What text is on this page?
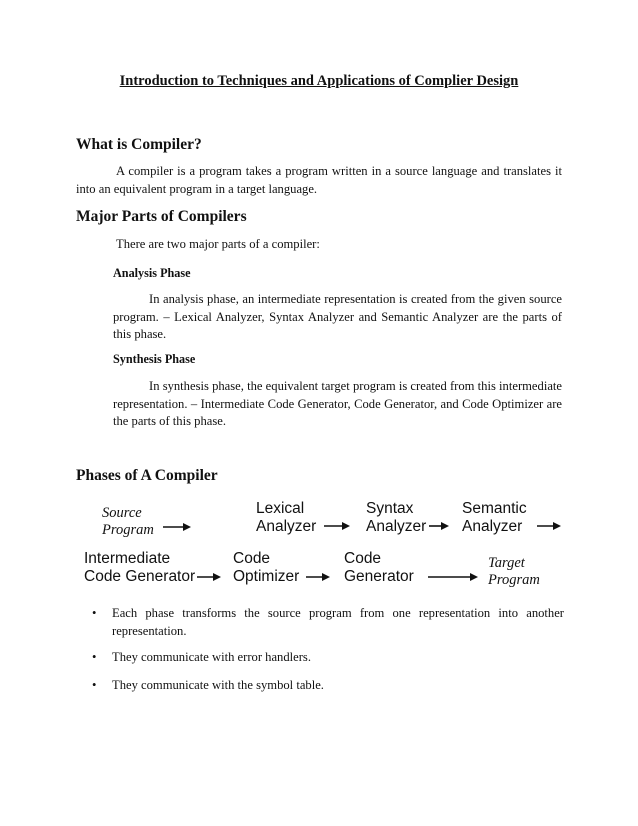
Introduction to Techniques and Applications of Complier Design
What is Compiler?

A compiler is a program takes a program written in a source language and translates it into an equivalent program in a target language.

Major Parts of Compilers

There are two major parts of a compiler:

Analysis Phase

In analysis phase, an intermediate representation is created from the given source program. – Lexical Analyzer, Syntax Analyzer and Semantic Analyzer are the parts of this phase.

Synthesis Phase

In synthesis phase, the equivalent target program is created from this intermediate representation. – Intermediate Code Generator, Code Generator, and Code Optimizer are the parts of this phase.

Phases of A Compiler
Source
Program
Lexical
Analyzer
Syntax
Analyzer
Semantic
Analyzer
Intermediate
Code Generator
Code
Optimizer
Code
Generator
Target
Program
• Each phase transforms the source program from one representation into another representation.
• They communicate with error handlers.
• They communicate with the symbol table.
